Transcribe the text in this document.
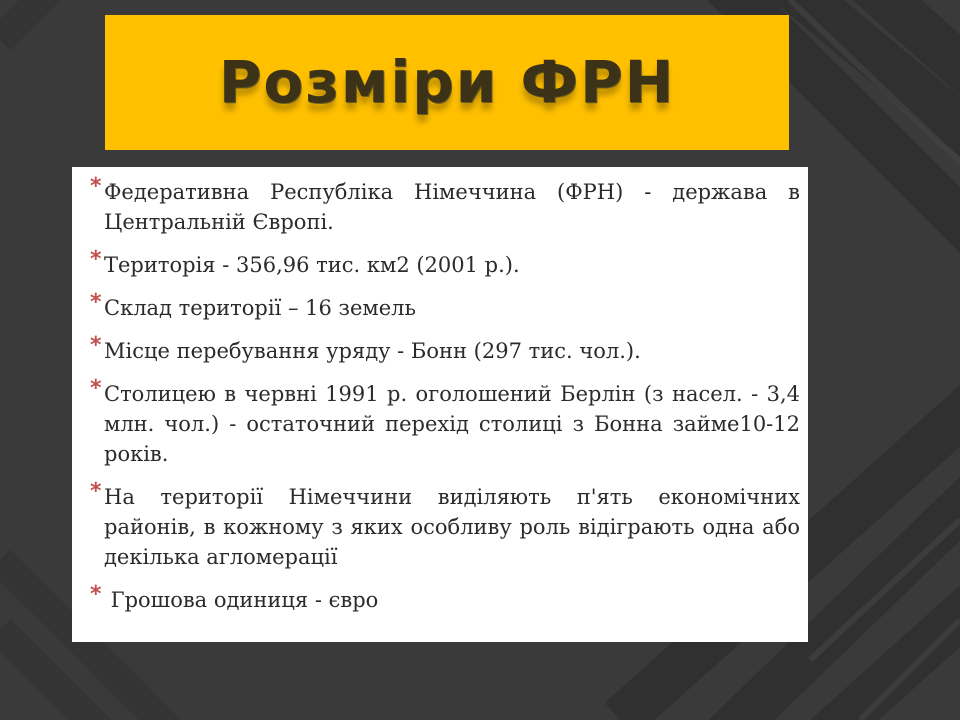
Розміри ФРН
* Федеративна Республіка Німеччина (ФРН) - держава в Центральній Європі.
* Територія - 356,96 тис. км2 (2001 р.).
* Склад території – 16 земель
* Місце перебування уряду - Бонн (297 тис. чол.).
* Столицею в червні 1991 р. оголошений Берлін (з насел. - 3,4 млн. чол.) - остаточний перехід столиці з Бонна займе10-12 років.
* На території Німеччини виділяють п'ять економічних районів, в кожному з яких особливу роль відіграють одна або декілька агломерації
* Грошова одиниця - євро
